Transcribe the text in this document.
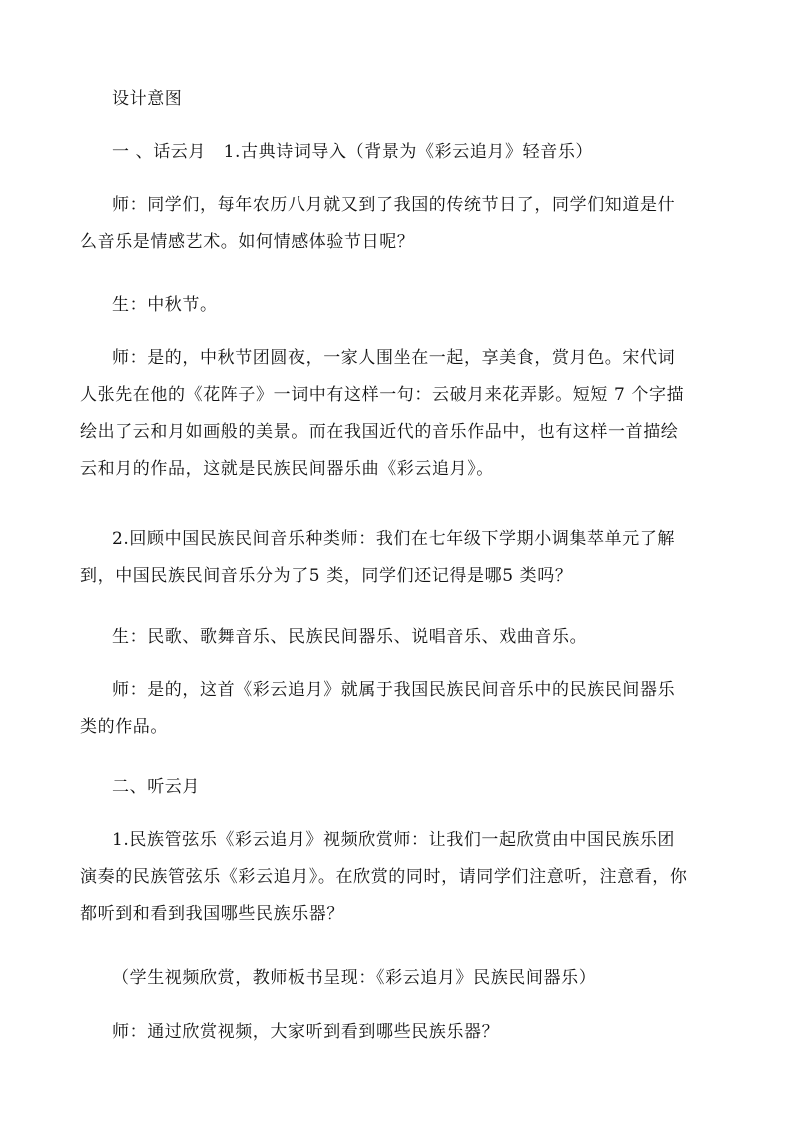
设计意图

一 、话云月　1.古典诗词导入（背景为《彩云追月》轻音乐）

师：同学们，每年农历八月就又到了我国的传统节日了，同学们知道是什
么音乐是情感艺术。如何情感体验节日呢？

生：中秋节。

师：是的，中秋节团圆夜，一家人围坐在一起，享美食，赏月色。宋代词
人张先在他的《花阵子》一词中有这样一句：云破月来花弄影。短短 7 个字描
绘出了云和月如画般的美景。而在我国近代的音乐作品中，也有这样一首描绘
云和月的作品，这就是民族民间器乐曲《彩云追月》。

2.回顾中国民族民间音乐种类师：我们在七年级下学期小调集萃单元了解
到，中国民族民间音乐分为了5 类，同学们还记得是哪5 类吗？

生：民歌、歌舞音乐、民族民间器乐、说唱音乐、戏曲音乐。

师：是的，这首《彩云追月》就属于我国民族民间音乐中的民族民间器乐
类的作品。

二、听云月

1.民族管弦乐《彩云追月》视频欣赏师：让我们一起欣赏由中国民族乐团
演奏的民族管弦乐《彩云追月》。在欣赏的同时，请同学们注意听，注意看，你
都听到和看到我国哪些民族乐器？

（学生视频欣赏，教师板书呈现：《彩云追月》民族民间器乐）

师：通过欣赏视频，大家听到看到哪些民族乐器？
